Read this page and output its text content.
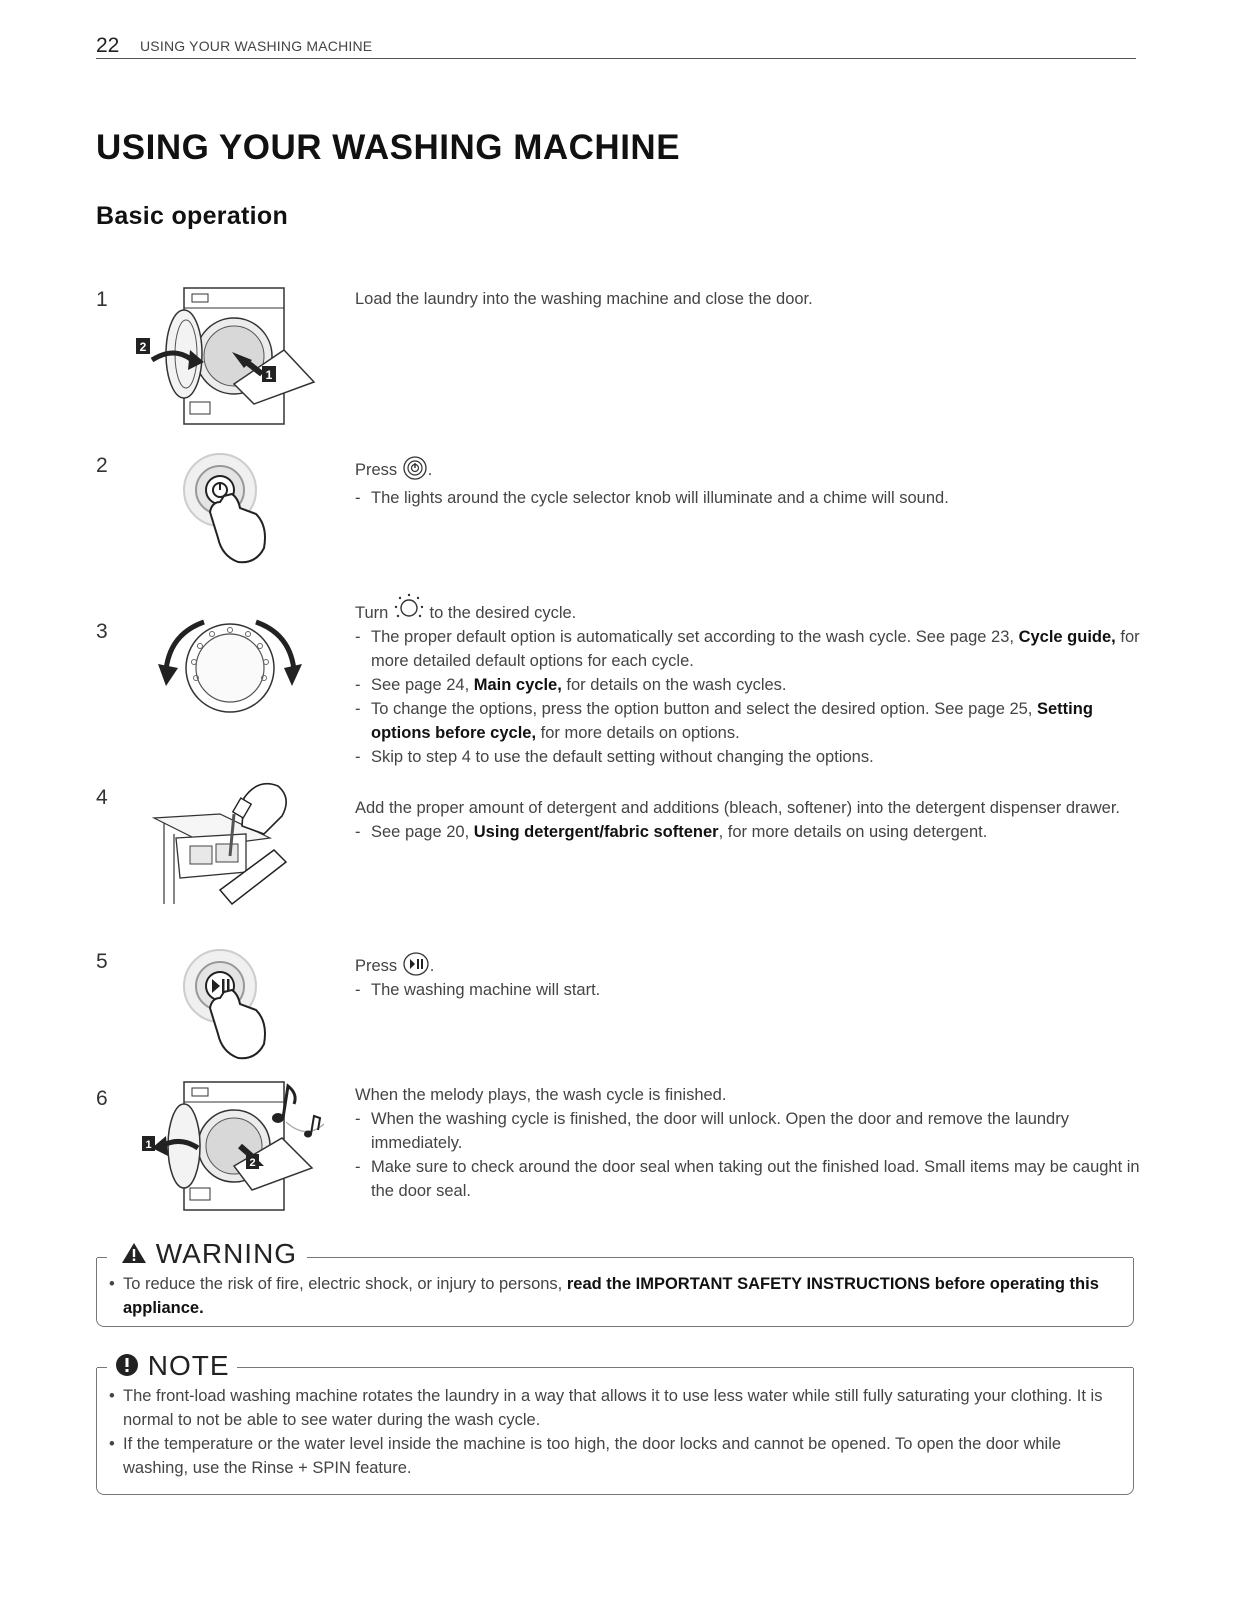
22 USING YOUR WASHING MACHINE
USING YOUR WASHING MACHINE
Basic operation
1
2
1

Load the laundry into the washing machine and close the door.

2	Press .

- The lights around the cycle selector knob will illuminate and a chime will sound.

3

Turn to the desired cycle.

- The proper default option is automatically set according to the wash cycle. See page 23, Cycle guide, for more detailed default options for each cycle.

- See page 24, Main cycle, for details on the wash cycles.

- To change the options, press the option button and select the desired option. See page 25, Setting options before cycle, for more details on options.

- Skip to step 4 to use the default setting without changing the options.

4	Add the proper amount of detergent and additions (bleach, softener) into the detergent dispenser drawer.

- See page 20, Using detergent/fabric softener, for more details on using detergent.

5	Press .

- The washing machine will start.

6
1
2

When the melody plays, the wash cycle is finished.

- When the washing cycle is finished, the door will unlock. Open the door and remove the laundry immediately.

- Make sure to check around the door seal when taking out the finished load. Small items may be caught in the door seal.

WARNING

• To reduce the risk of fire, electric shock, or injury to persons, read the IMPORTANT SAFETY INSTRUCTIONS before operating this appliance.

NOTE

• The front-load washing machine rotates the laundry in a way that allows it to use less water while still fully saturating your clothing. It is normal to not be able to see water during the wash cycle.

• If the temperature or the water level inside the machine is too high, the door locks and cannot be opened. To open the door while washing, use the Rinse + SPIN feature.
